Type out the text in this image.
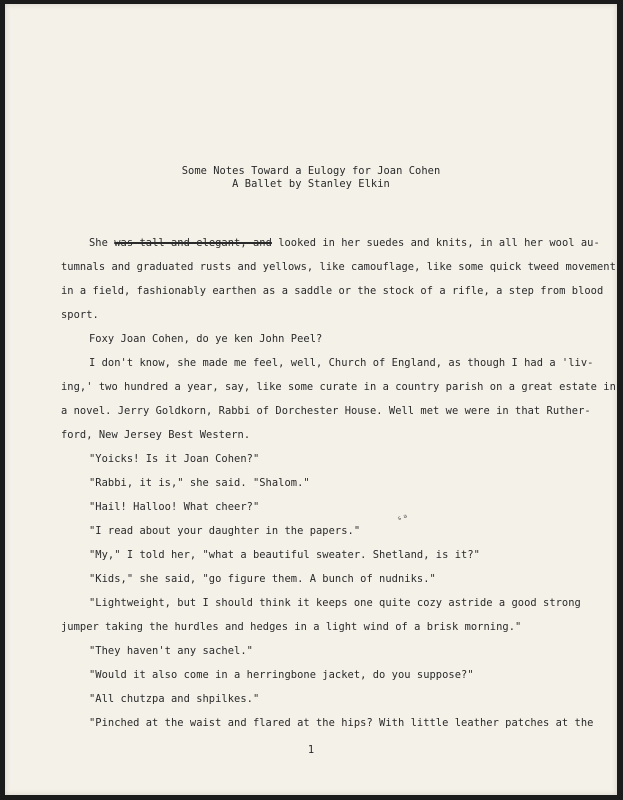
Some Notes Toward a Eulogy for Joan Cohen
A Ballet by Stanley Elkin
She was tall and elegant, and looked in her suedes and knits, in all her wool au-
tumnals and graduated rusts and yellows, like camouflage, like some quick tweed movement
in a field, fashionably earthen as a saddle or the stock of a rifle, a step from blood
sport.
Foxy Joan Cohen, do ye ken John Peel?
I don't know, she made me feel, well, Church of England, as though I had a 'liv-
ing,' two hundred a year, say, like some curate in a country parish on a great estate in
a novel. Jerry Goldkorn, Rabbi of Dorchester House. Well met we were in that Ruther-
ford, New Jersey Best Western.
"Yoicks! Is it Joan Cohen?"
"Rabbi, it is," she said. "Shalom."
"Hail! Halloo! What cheer?"
"I read about your daughter in the papers."
"My," I told her, "what a beautiful sweater. Shetland, is it?"
"Kids," she said, "go figure them. A bunch of nudniks."
"Lightweight, but I should think it keeps one quite cozy astride a good strong
jumper taking the hurdles and hedges in a light wind of a brisk morning."
"They haven't any sachel."
"Would it also come in a herringbone jacket, do you suppose?"
"All chutzpa and shpilkes."
"Pinched at the waist and flared at the hips? With little leather patches at the
ˢᵃ
1
